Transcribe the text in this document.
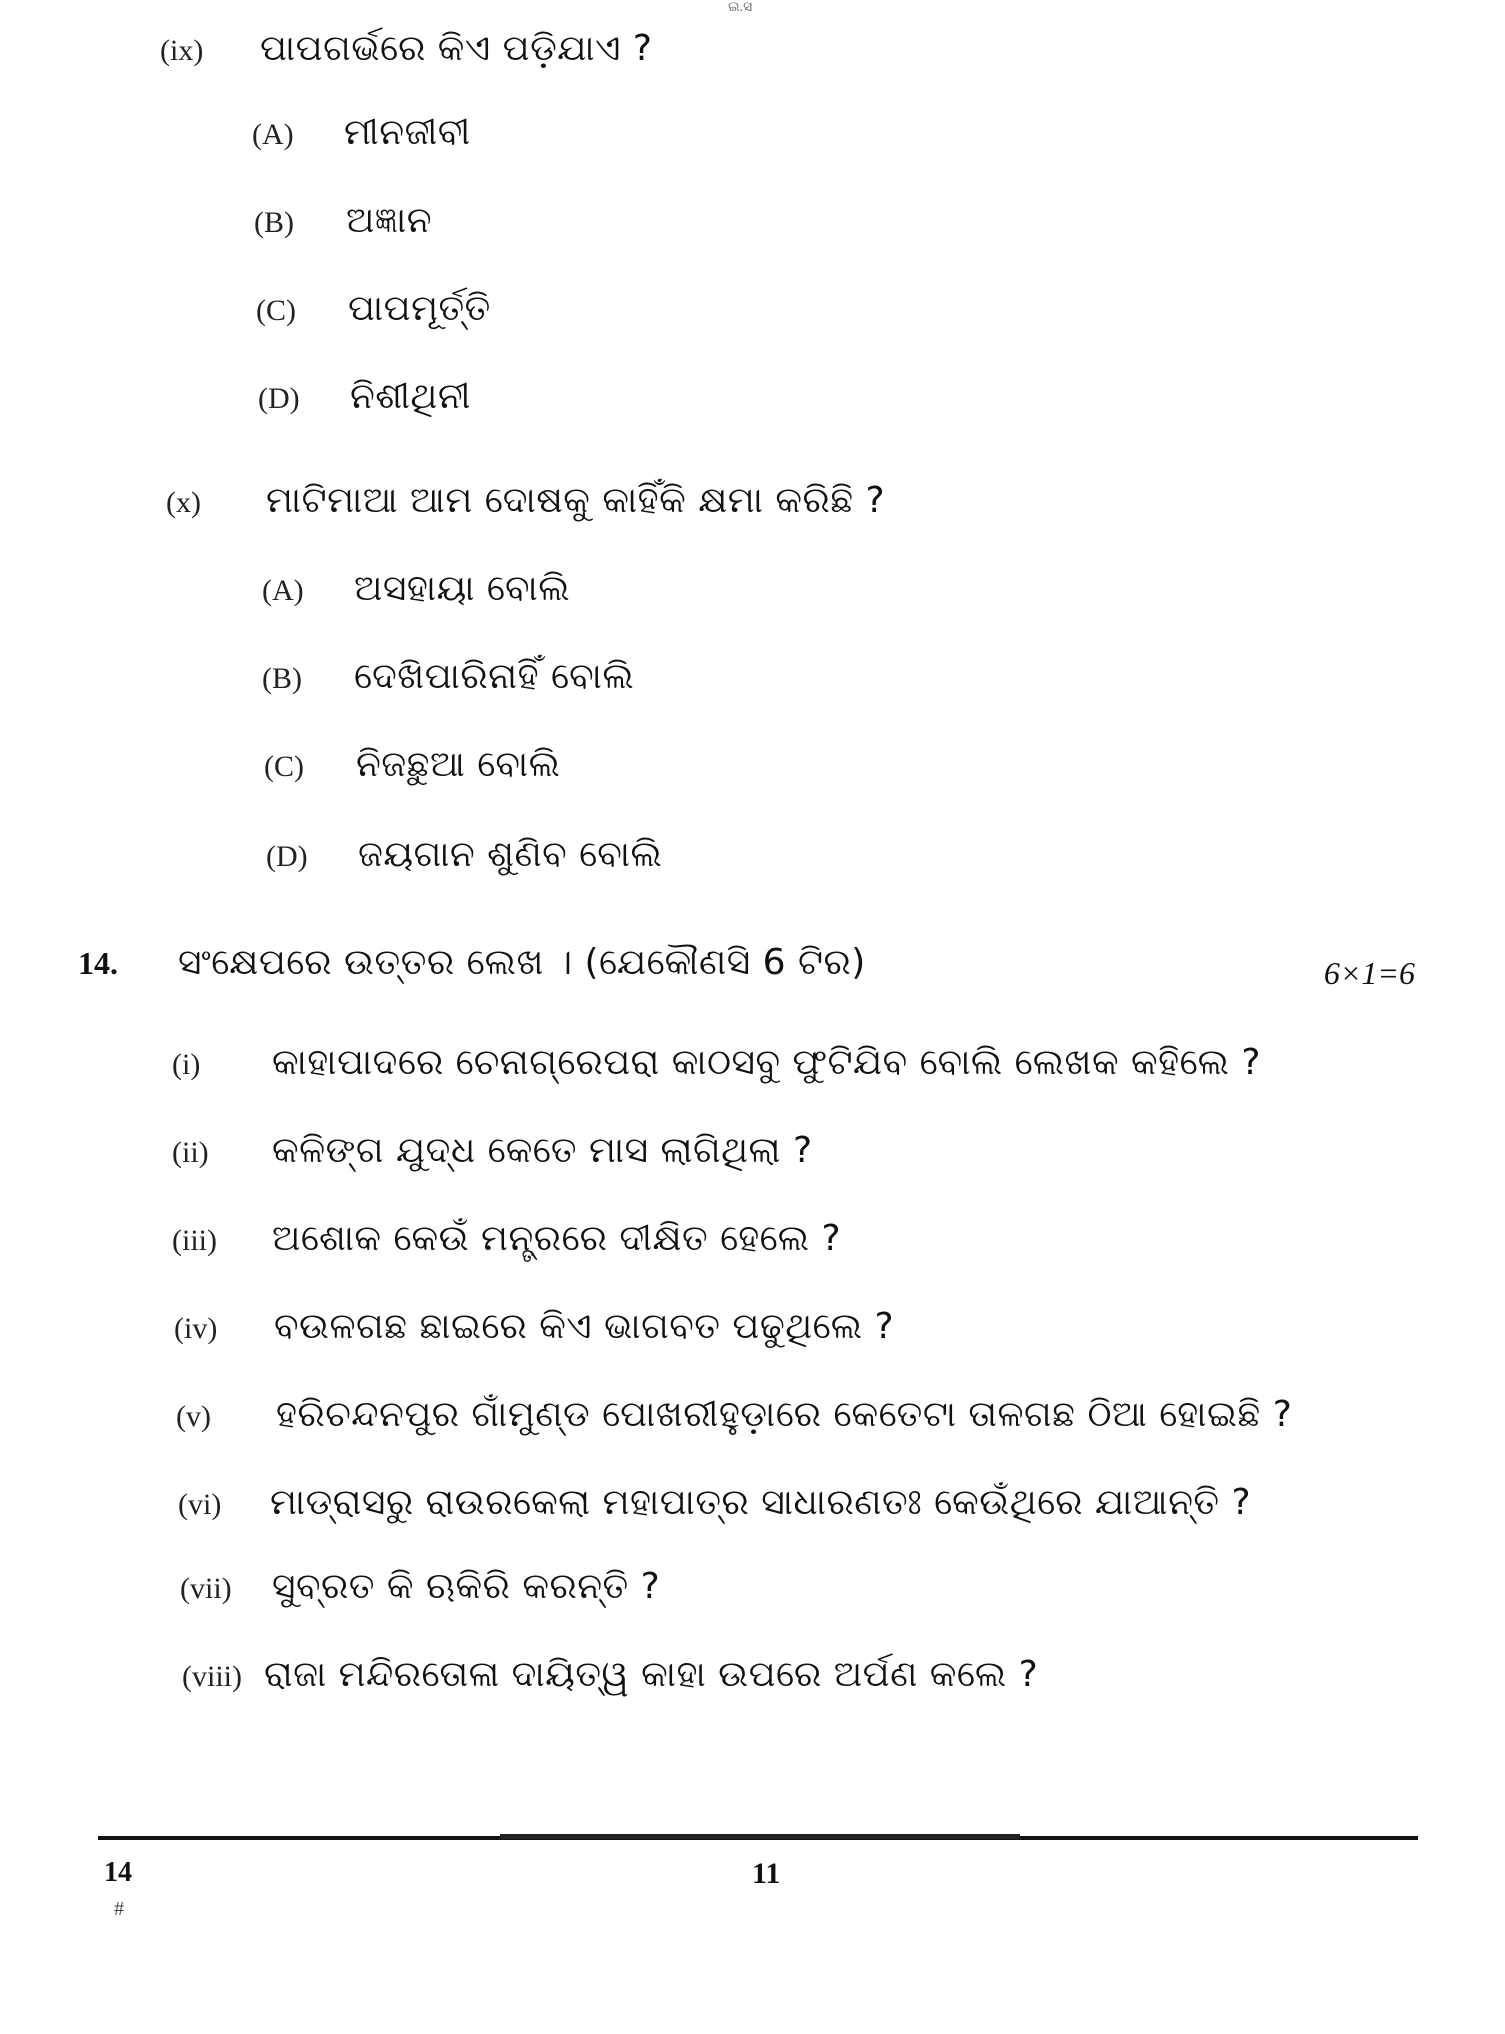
ଇ.ସ
(ix)	ପାପଗର୍ଭରେ କିଏ ପଡ଼ିଯାଏ ?
(A)	ମୀନଜୀବୀ
(B)	ଅଜ୍ଞାନ
(C)	ପାପମୂର୍ତ୍ତି
(D)	ନିଶୀଥିନୀ
(x)	ମାଟିମାଆ ଆମ ଦୋଷକୁ କାହିଁକି କ୍ଷମା କରିଛି ?
(A)	ଅସହାୟା ବୋଲି
(B)	ଦେଖିପାରିନାହିଁ ବୋଲି
(C)	ନିଜଛୁଆ ବୋଲି
(D)	ଜୟଗାନ ଶୁଣିବ ବୋଲି
14.	ସଂକ୍ଷେପରେ ଉତ୍ତର ଲେଖ । (ଯେକୌଣସି 6 ଟିର)	6×1=6
(i)	କାହାପାଦରେ ଚେନାଗ୍ରେପରା କାଠସବୁ ଫୁଟିଯିବ ବୋଲି ଲେଖକ କହିଲେ ?
(ii)	କଳିଙ୍ଗ ଯୁଦ୍ଧ କେତେ ମାସ ଲାଗିଥିଲା ?
(iii)	ଅଶୋକ କେଉଁ ମନ୍ତ୍ରରେ ଦୀକ୍ଷିତ ହେଲେ ?
(iv)	ବଉଳଗଛ ଛାଇରେ କିଏ ଭାଗବତ ପଢୁଥିଲେ ?
(v)	ହରିଚନ୍ଦନପୁର ଗାଁମୁଣ୍ଡ ପୋଖରୀହୁଡ଼ାରେ କେତେଟା ତାଳଗଛ ଠିଆ ହୋଇଛି ?
(vi)	ମାଡ୍ରାସରୁ ରାଉରକେଲା ମହାପାତ୍ର ସାଧାରଣତଃ କେଉଁଥିରେ ଯାଆନ୍ତି ?
(vii)	ସୁବ୍ରତ କି ଋକିରି କରନ୍ତି ?
(viii) ରାଜା ମନ୍ଦିରତୋଳା ଦାୟିତ୍ୱ କାହା ଉପରେ ଅର୍ପଣ କଲେ ?
14
#
11
